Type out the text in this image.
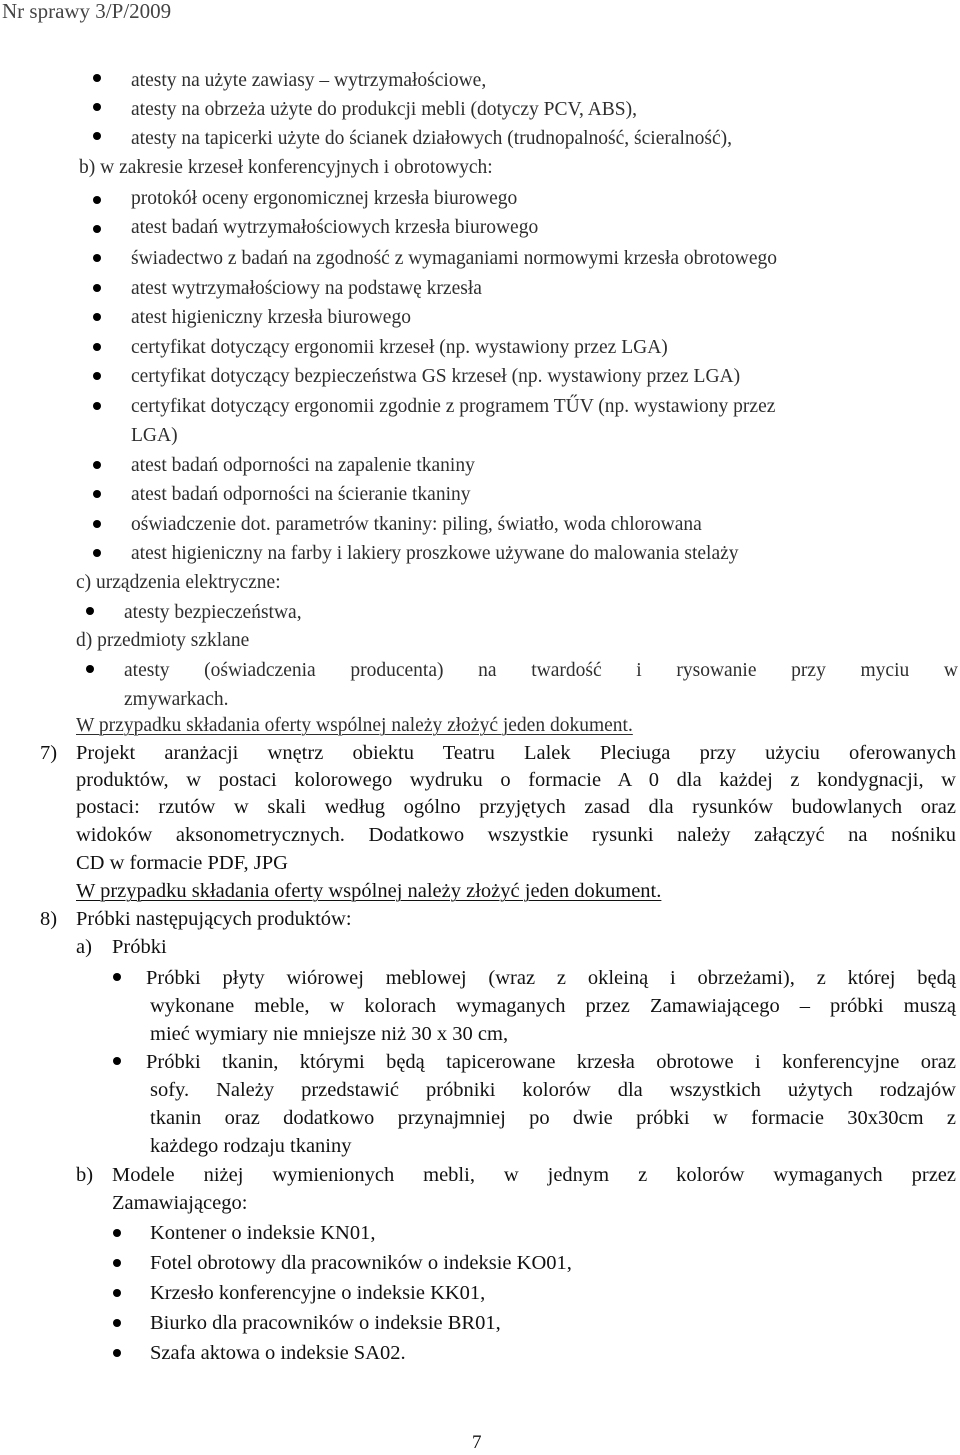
Nr sprawy 3/P/2009
atesty na użyte zawiasy – wytrzymałościowe,
atesty na obrzeża użyte do produkcji mebli (dotyczy PCV, ABS),
atesty na tapicerki użyte do ścianek działowych (trudnopalność, ścieralność),
b) w zakresie krzeseł konferencyjnych i obrotowych:
protokół oceny ergonomicznej krzesła biurowego
atest badań wytrzymałościowych krzesła biurowego
świadectwo z badań na zgodność z wymaganiami normowymi krzesła obrotowego
atest wytrzymałościowy na podstawę krzesła
atest higieniczny krzesła biurowego
certyfikat dotyczący ergonomii krzeseł (np. wystawiony przez LGA)
certyfikat dotyczący bezpieczeństwa GS krzeseł (np. wystawiony przez LGA)
certyfikat dotyczący ergonomii zgodnie z programem TŰV (np. wystawiony przez
LGA)
atest badań odporności na zapalenie tkaniny
atest badań odporności na ścieranie tkaniny
oświadczenie dot. parametrów tkaniny: piling, światło, woda chlorowana
atest higieniczny na farby i lakiery proszkowe używane do malowania stelaży
c) urządzenia elektryczne:
atesty bezpieczeństwa,
d) przedmioty szklane
atesty (oświadczenia producenta) na twardość i rysowanie przy myciu w
zmywarkach.
W przypadku składania oferty wspólnej należy złożyć jeden dokument.
7) Projekt aranżacji wnętrz obiektu Teatru Lalek Pleciuga przy użyciu oferowanych
produktów, w postaci kolorowego wydruku o formacie A 0 dla każdej z kondygnacji, w
postaci: rzutów w skali według ogólno przyjętych zasad dla rysunków budowlanych oraz
widoków aksonometrycznych. Dodatkowo wszystkie rysunki należy załączyć na nośniku
CD w formacie PDF, JPG
W przypadku składania oferty wspólnej należy złożyć jeden dokument.
8) Próbki następujących produktów:
a) Próbki
Próbki płyty wiórowej meblowej (wraz z okleiną i obrzeżami), z której będą
wykonane meble, w kolorach wymaganych przez Zamawiającego – próbki muszą
mieć wymiary nie mniejsze niż 30 x 30 cm,
Próbki tkanin, którymi będą tapicerowane krzesła obrotowe i konferencyjne oraz
sofy. Należy przedstawić próbniki kolorów dla wszystkich użytych rodzajów
tkanin oraz dodatkowo przynajmniej po dwie próbki w formacie 30x30cm z
każdego rodzaju tkaniny
b) Modele niżej wymienionych mebli, w jednym z kolorów wymaganych przez
Zamawiającego:
Kontener o indeksie KN01,
Fotel obrotowy dla pracowników o indeksie KO01,
Krzesło konferencyjne o indeksie KK01,
Biurko dla pracowników o indeksie BR01,
Szafa aktowa o indeksie SA02.
7
